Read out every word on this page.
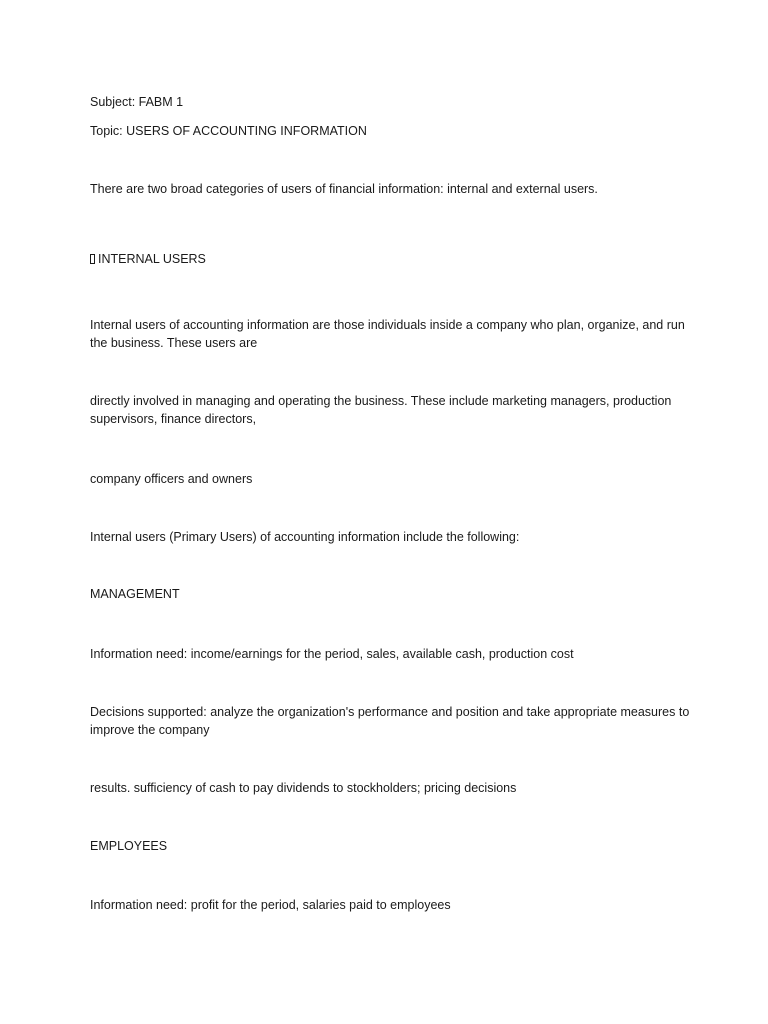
Subject: FABM 1
Topic: USERS OF ACCOUNTING INFORMATION
There are two broad categories of users of financial information: internal and external users.
INTERNAL USERS
Internal users of accounting information are those individuals inside a company who plan, organize, and run the business. These users are
directly involved in managing and operating the business. These include marketing managers, production supervisors, finance directors,
company officers and owners
Internal users (Primary Users) of accounting information include the following:
MANAGEMENT
Information need: income/earnings for the period, sales, available cash, production cost
Decisions supported: analyze the organization's performance and position and take appropriate measures to improve the company
results. sufficiency of cash to pay dividends to stockholders; pricing decisions
EMPLOYEES
Information need: profit for the period, salaries paid to employees
